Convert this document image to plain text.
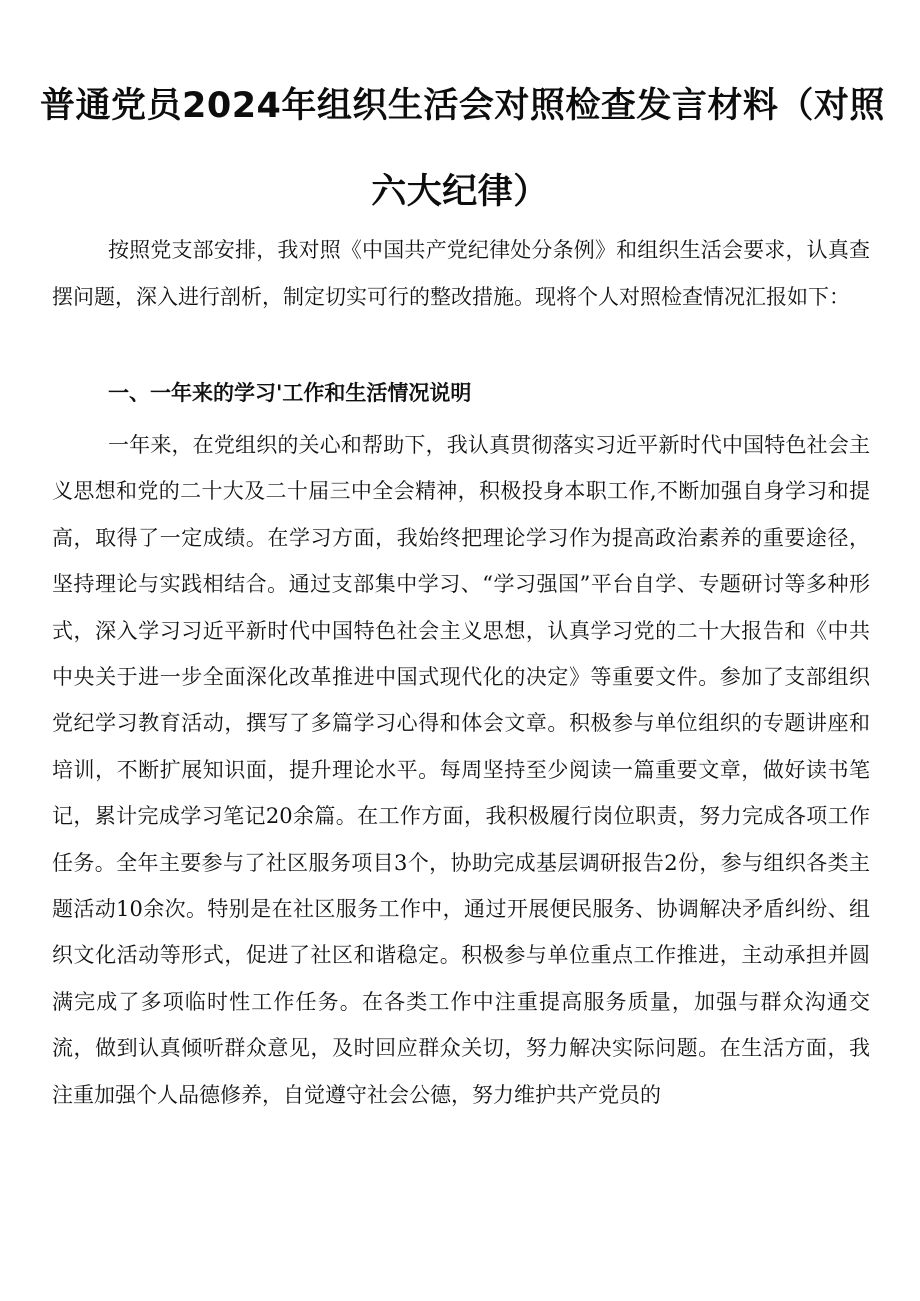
普通党员2024年组织生活会对照检查发言材料（对照
六大纪律）

按照党支部安排，我对照《中国共产党纪律处分条例》和组织生活会要求，认真查摆问题，深入进行剖析，制定切实可行的整改措施。现将个人对照检查情况汇报如下：

一、一年来的学习'工作和生活情况说明

一年来，在党组织的关心和帮助下，我认真贯彻落实习近平新时代中国特色社会主义思想和党的二十大及二十届三中全会精神，积极投身本职工作,不断加强自身学习和提高，取得了一定成绩。在学习方面，我始终把理论学习作为提高政治素养的重要途径，坚持理论与实践相结合。通过支部集中学习、“学习强国”平台自学、专题研讨等多种形式，深入学习习近平新时代中国特色社会主义思想，认真学习党的二十大报告和《中共中央关于进一步全面深化改革推进中国式现代化的决定》等重要文件。参加了支部组织党纪学习教育活动，撰写了多篇学习心得和体会文章。积极参与单位组织的专题讲座和培训，不断扩展知识面，提升理论水平。每周坚持至少阅读一篇重要文章，做好读书笔记，累计完成学习笔记20余篇。在工作方面，我积极履行岗位职责，努力完成各项工作任务。全年主要参与了社区服务项目3个，协助完成基层调研报告2份，参与组织各类主题活动10余次。特别是在社区服务工作中，通过开展便民服务、协调解决矛盾纠纷、组织文化活动等形式，促进了社区和谐稳定。积极参与单位重点工作推进，主动承担并圆满完成了多项临时性工作任务。在各类工作中注重提高服务质量，加强与群众沟通交流，做到认真倾听群众意见，及时回应群众关切，努力解决实际问题。在生活方面，我注重加强个人品德修养，自觉遵守社会公德，努力维护共产党员的
